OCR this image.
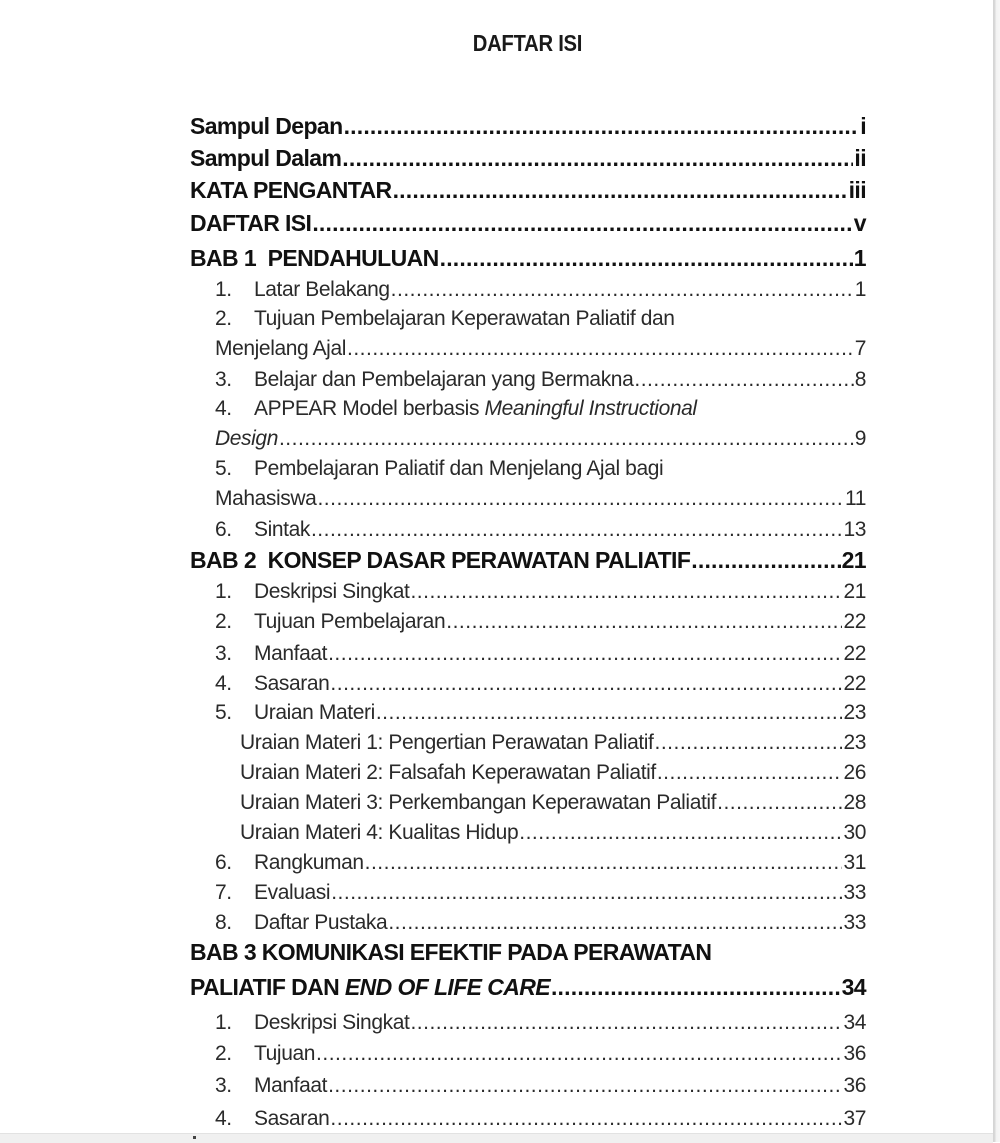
DAFTAR ISI
Sampul Depan .....	i
Sampul Dalam .....	ii
KATA PENGANTAR .....	iii
DAFTAR ISI .....	v
BAB 1  PENDAHULUAN .....	1
1. Latar Belakang .....	1
2. Tujuan Pembelajaran Keperawatan Paliatif dan
Menjelang Ajal .....	7
3. Belajar dan Pembelajaran yang Bermakna .....	8
4. APPEAR Model berbasis Meaningful Instructional
Design .....	9
5. Pembelajaran Paliatif dan Menjelang Ajal bagi
Mahasiswa .....	11
6. Sintak .....	13
BAB 2  KONSEP DASAR PERAWATAN PALIATIF .....	21
1. Deskripsi Singkat .....	21
2. Tujuan Pembelajaran .....	22
3. Manfaat .....	22
4. Sasaran .....	22
5. Uraian Materi .....	23
Uraian Materi 1: Pengertian Perawatan Paliatif .....	23
Uraian Materi 2: Falsafah Keperawatan Paliatif .....	26
Uraian Materi 3: Perkembangan Keperawatan Paliatif .....	28
Uraian Materi 4: Kualitas Hidup .....	30
6. Rangkuman .....	31
7. Evaluasi .....	33
8. Daftar Pustaka .....	33
BAB 3 KOMUNIKASI EFEKTIF PADA PERAWATAN
PALIATIF DAN END OF LIFE CARE .....	34
1. Deskripsi Singkat .....	34
2. Tujuan .....	36
3. Manfaat .....	36
4. Sasaran .....	37
